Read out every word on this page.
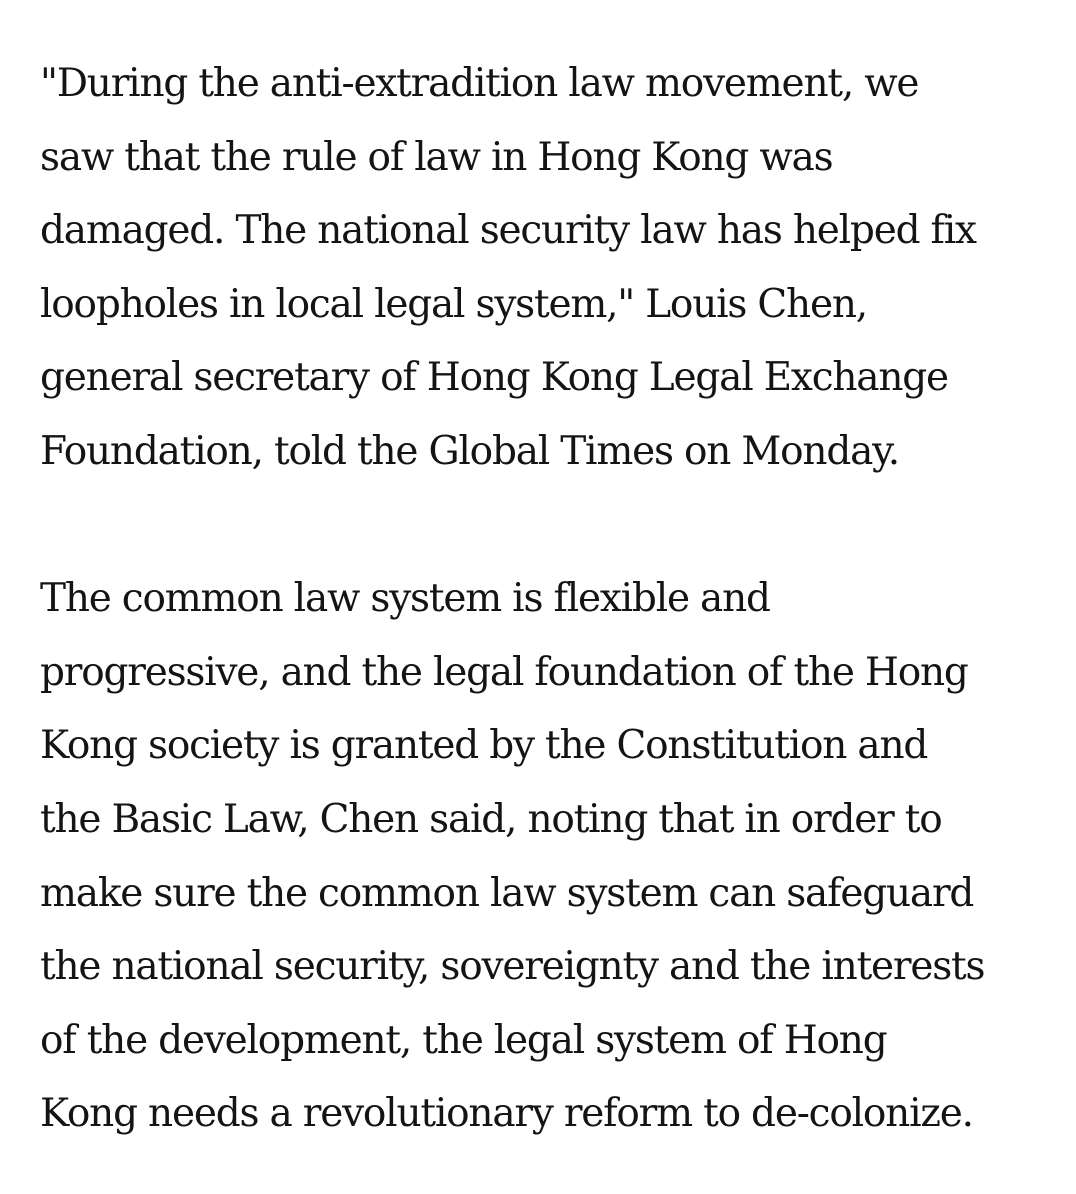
"During the anti-extradition law movement, we
saw that the rule of law in Hong Kong was
damaged. The national security law has helped fix
loopholes in local legal system," Louis Chen,
general secretary of Hong Kong Legal Exchange
Foundation, told the Global Times on Monday.
The common law system is flexible and
progressive, and the legal foundation of the Hong
Kong society is granted by the Constitution and
the Basic Law, Chen said, noting that in order to
make sure the common law system can safeguard
the national security, sovereignty and the interests
of the development, the legal system of Hong
Kong needs a revolutionary reform to de-colonize.
